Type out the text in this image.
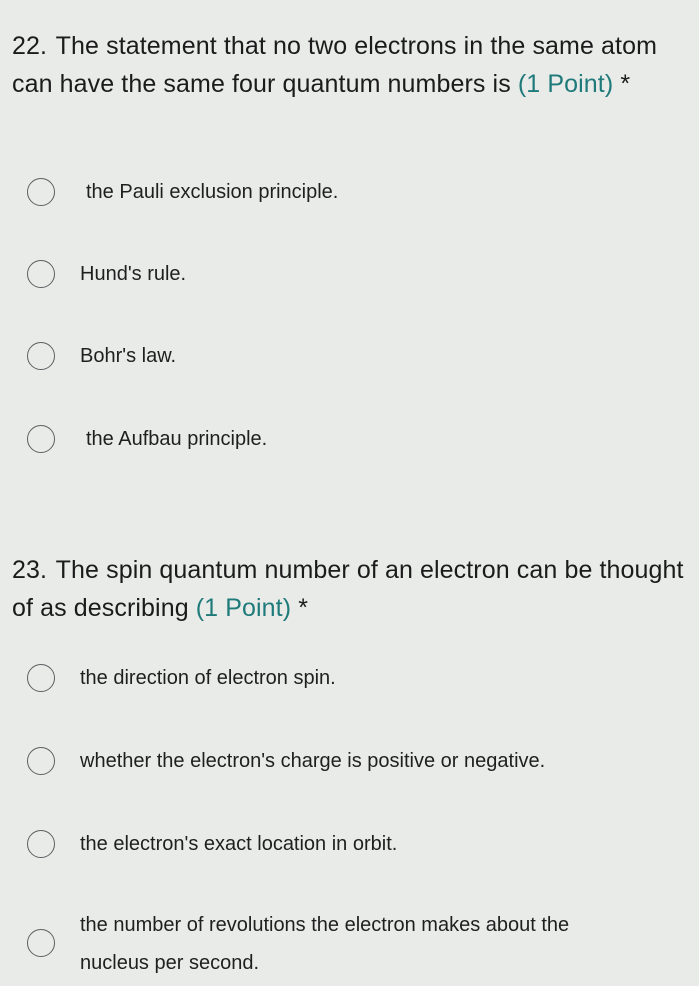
22. The statement that no two electrons in the same atom can have the same four quantum numbers is (1 Point) *
the Pauli exclusion principle.
Hund's rule.
Bohr's law.
the Aufbau principle.
23. The spin quantum number of an electron can be thought of as describing (1 Point) *
the direction of electron spin.
whether the electron's charge is positive or negative.
the electron's exact location in orbit.
the number of revolutions the electron makes about the nucleus per second.
